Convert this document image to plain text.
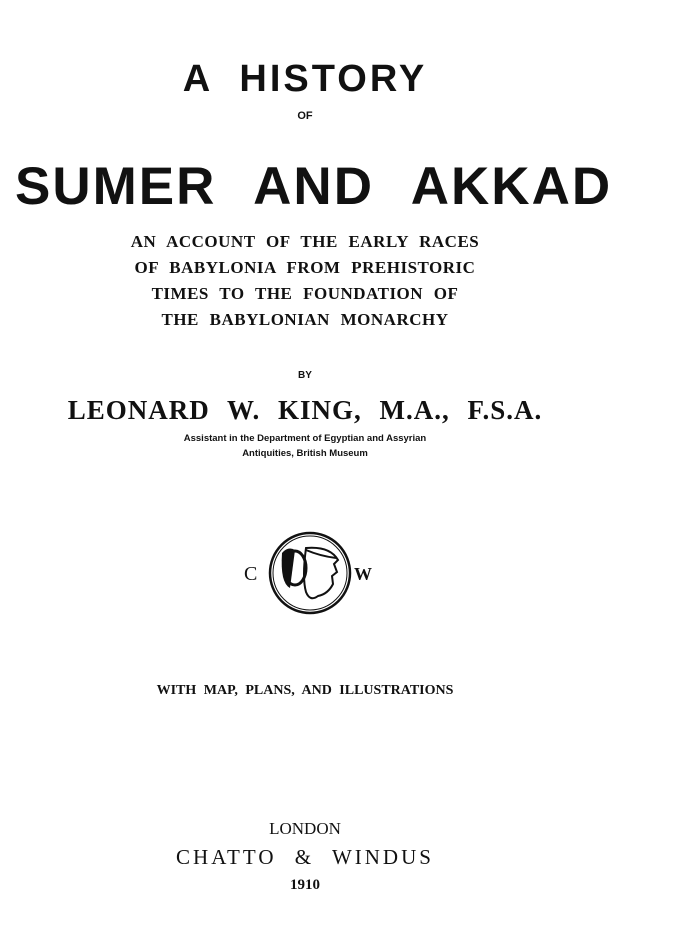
A HISTORY
OF
SUMER AND AKKAD
AN ACCOUNT OF THE EARLY RACES
OF BABYLONIA FROM PREHISTORIC
TIMES TO THE FOUNDATION OF
THE BABYLONIAN MONARCHY
BY
LEONARD W. KING, M.A., F.S.A.
Assistant in the Department of Egyptian and Assyrian
Antiquities, British Museum
C	W
WITH MAP, PLANS, AND ILLUSTRATIONS
LONDON
CHATTO & WINDUS
1910
